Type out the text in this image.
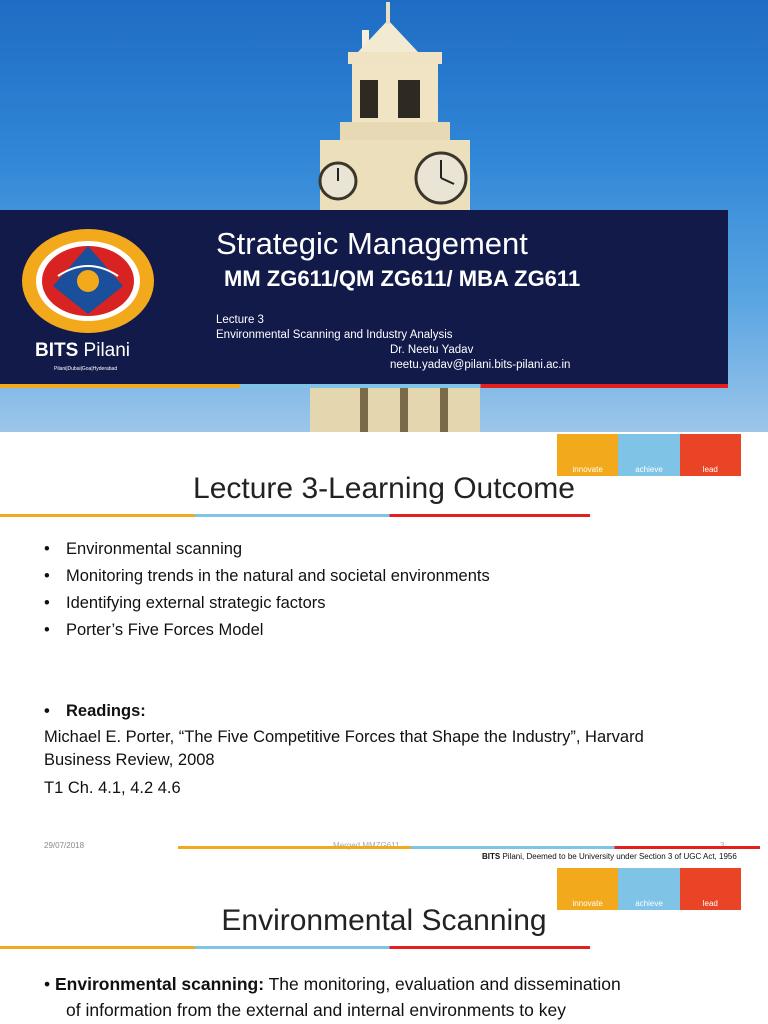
BITS Pilani
Pilani|Dubai|Goa|Hyderabad
Strategic Management
MM ZG611/QM ZG611/ MBA ZG611
Lecture 3
Environmental Scanning and Industry Analysis
Dr. Neetu Yadav
neetu.yadav@pilani.bits-pilani.ac.in
innovate	achieve	lead
Lecture 3-Learning Outcome
• Environmental scanning
• Monitoring trends in the natural and societal environments
• Identifying external strategic factors
• Porter’s Five Forces Model
• Readings:
Michael E. Porter, “The Five Competitive Forces that Shape the Industry”, Harvard
Business Review, 2008
T1 Ch. 4.1, 4.2 4.6
29/07/2018
BITS Pilani, Deemed to be University under Section 3 of UGC Act, 1956
innovate	achieve	lead
Environmental Scanning
• Environmental scanning: The monitoring, evaluation and dissemination
of information from the external and internal environments to key
